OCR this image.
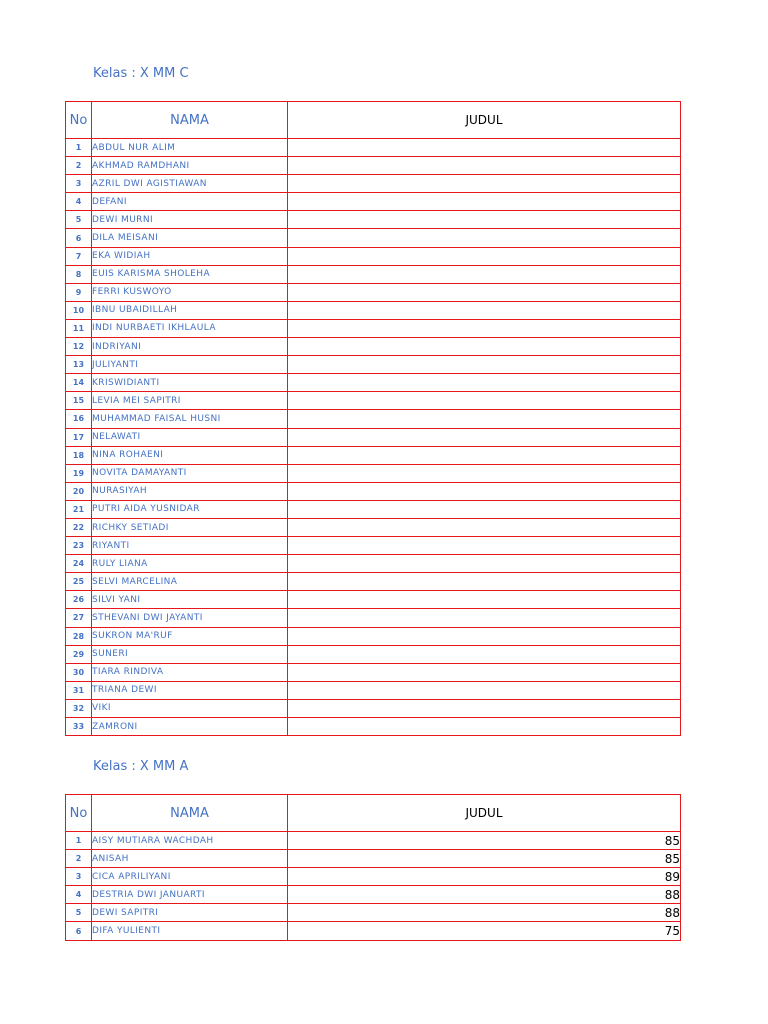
Kelas : X MM C
No	NAMA	JUDUL
1	ABDUL NUR ALIM	
2	AKHMAD RAMDHANI	
3	AZRIL DWI AGISTIAWAN	
4	DEFANI	
5	DEWI MURNI	
6	DILA MEISANI	
7	EKA WIDIAH	
8	EUIS KARISMA SHOLEHA	
9	FERRI KUSWOYO	
10	IBNU UBAIDILLAH	
11	INDI NURBAETI IKHLAULA	
12	INDRIYANI	
13	JULIYANTI	
14	KRISWIDIANTI	
15	LEVIA MEI SAPITRI	
16	MUHAMMAD FAISAL HUSNI	
17	NELAWATI	
18	NINA ROHAENI	
19	NOVITA DAMAYANTI	
20	NURASIYAH	
21	PUTRI AIDA YUSNIDAR	
22	RICHKY SETIADI	
23	RIYANTI	
24	RULY LIANA	
25	SELVI MARCELINA	
26	SILVI YANI	
27	STHEVANI DWI JAYANTI	
28	SUKRON MA'RUF	
29	SUNERI	
30	TIARA RINDIVA	
31	TRIANA DEWI	
32	VIKI	
33	ZAMRONI	
Kelas : X MM A
No	NAMA	JUDUL
1	AISY MUTIARA WACHDAH	85
2	ANISAH	85
3	CICA APRILIYANI	89
4	DESTRIA DWI JANUARTI	88
5	DEWI SAPITRI	88
6	DIFA YULIENTI	75
